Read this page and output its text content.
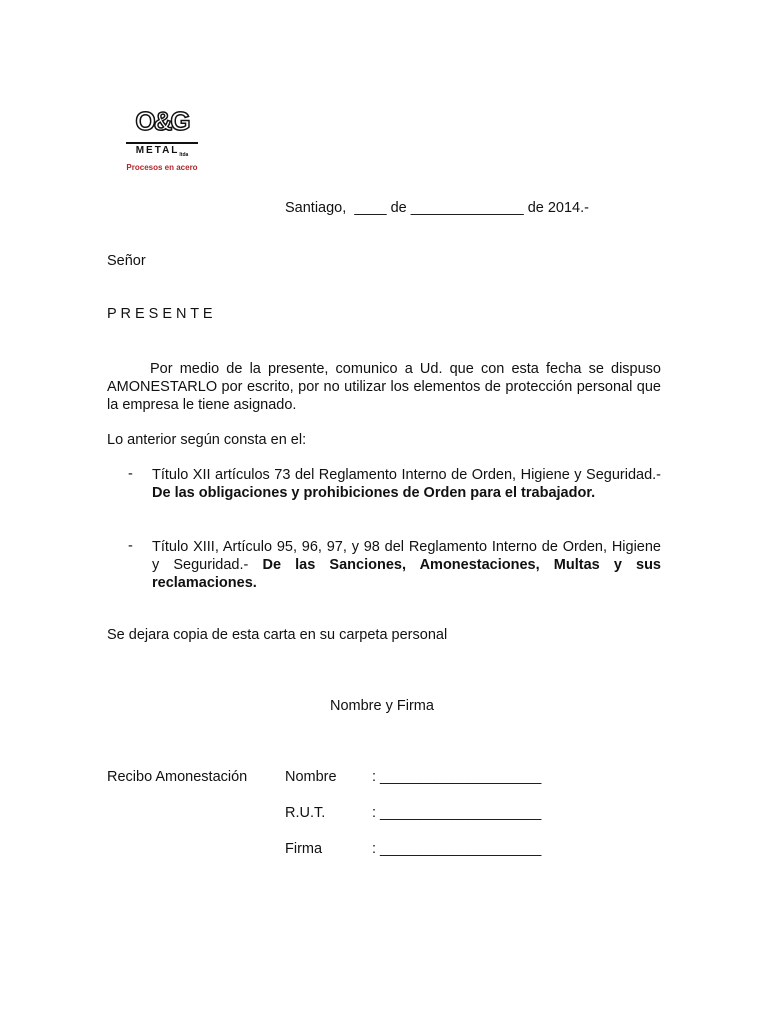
O&G
$METAL_{ltda}$
Procesos en acero
Santiago,  ____ de ______________ de 2014.-
Señor
P R E S E N T E
Por medio de la presente, comunico a Ud. que con esta fecha se dispuso AMONESTARLO por escrito, por no utilizar los elementos de protección personal que la empresa le tiene asignado.
Lo anterior según consta en el:
-	Título XII artículos 73 del Reglamento Interno de Orden, Higiene y Seguridad.- De las obligaciones y prohibiciones de Orden para el trabajador.
-	Título XIII, Artículo 95, 96, 97, y 98 del Reglamento Interno de Orden, Higiene y Seguridad.- De las Sanciones, Amonestaciones, Multas y sus reclamaciones.
Se dejara copia de esta carta en su carpeta personal
Nombre y Firma
Recibo Amonestación	Nombre : ____________________
R.U.T.	: ____________________
Firma	: ____________________
